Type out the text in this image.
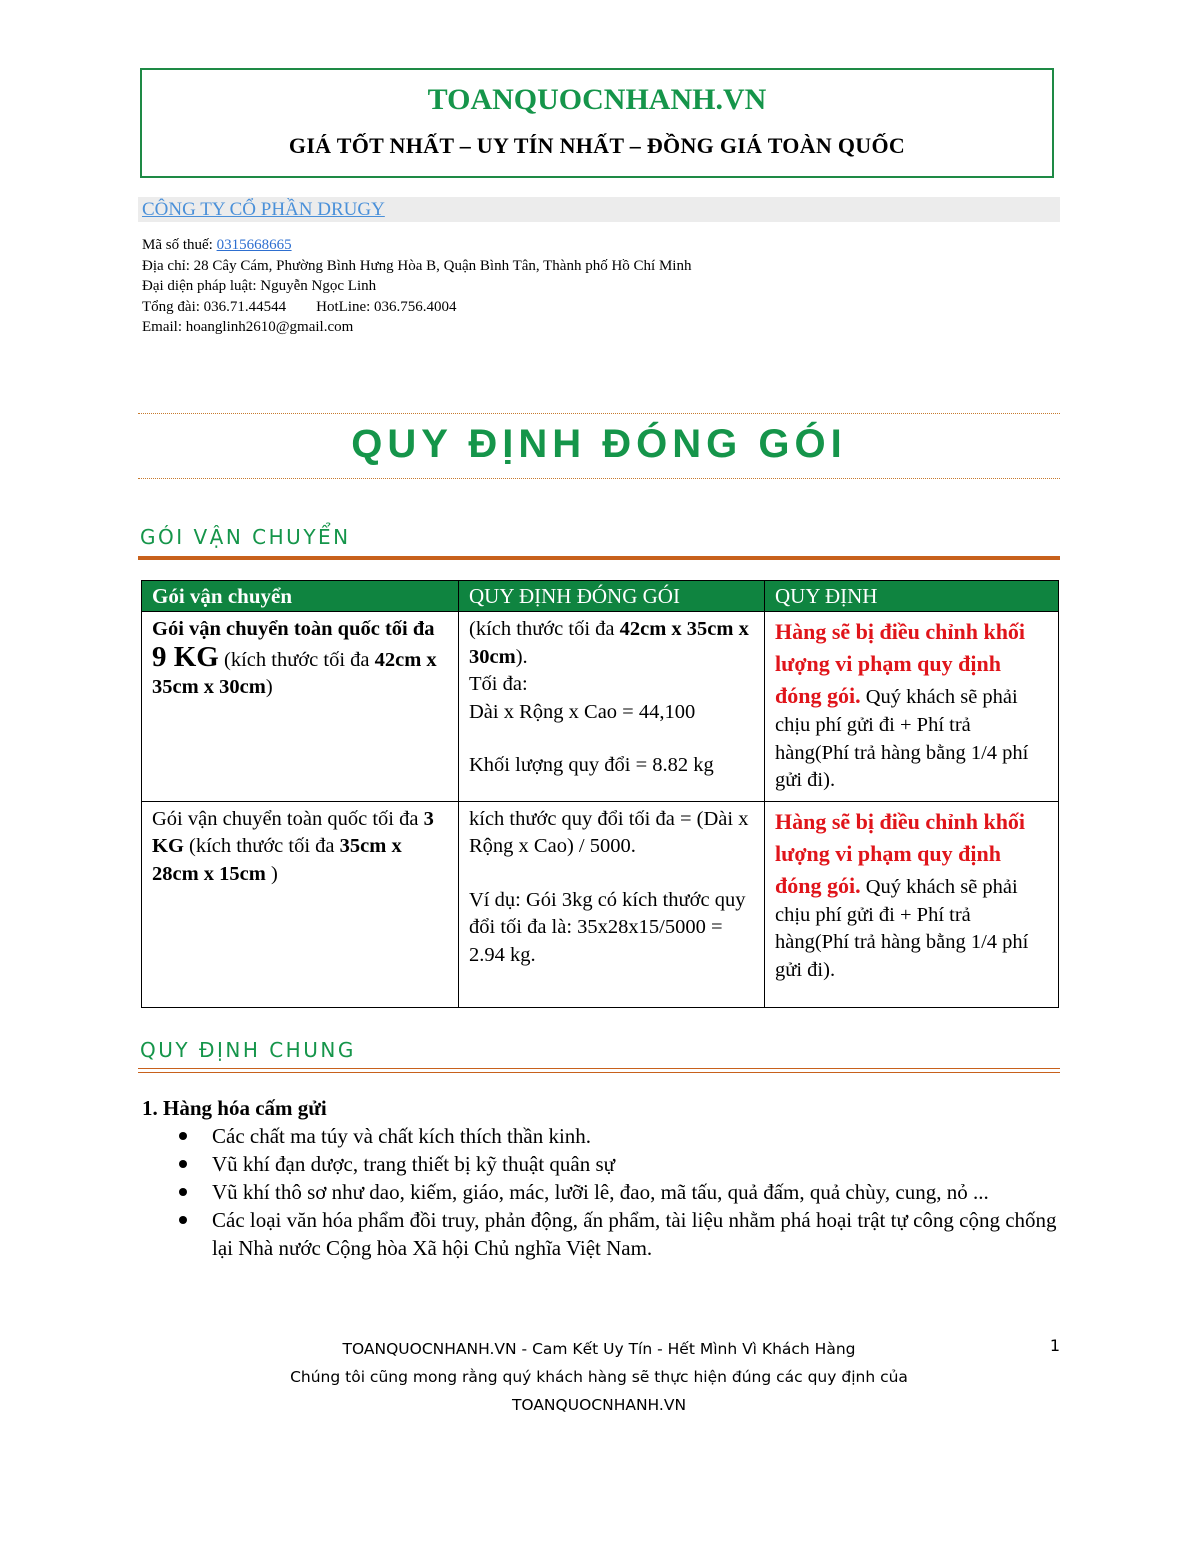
TOANQUOCNHANH.VN
GIÁ TỐT NHẤT – UY TÍN NHẤT – ĐỒNG GIÁ TOÀN QUỐC
CÔNG TY CỔ PHẦN DRUGY
Mã số thuế: 0315668665
Địa chỉ: 28 Cây Cám, Phường Bình Hưng Hòa B, Quận Bình Tân, Thành phố Hồ Chí Minh
Đại diện pháp luật: Nguyễn Ngọc Linh
Tổng đài: 036.71.44544 HotLine: 036.756.4004
Email: hoanglinh2610@gmail.com
QUY ĐỊNH ĐÓNG GÓI
GÓI VẬN CHUYỂN
Gói vận chuyển	QUY ĐỊNH ĐÓNG GÓI	QUY ĐỊNH
Gói vận chuyển toàn quốc tối đa 9 KG (kích thước tối đa 42cm x 35cm x 30cm)	(kích thước tối đa 42cm x 35cm x 30cm).
Tối đa:
Dài x Rộng x Cao = 44,100
Khối lượng quy đổi = 8.82 kg	Hàng sẽ bị điều chỉnh khối lượng vi phạm quy định đóng gói. Quý khách sẽ phải chịu phí gửi đi + Phí trả hàng(Phí trả hàng bằng 1/4 phí gửi đi).
Gói vận chuyển toàn quốc tối đa 3 KG (kích thước tối đa 35cm x 28cm x 15cm )	kích thước quy đổi tối đa = (Dài x Rộng x Cao) / 5000.
Ví dụ: Gói 3kg có kích thước quy đổi tối đa là: 35x28x15/5000 = 2.94 kg.	Hàng sẽ bị điều chỉnh khối lượng vi phạm quy định đóng gói. Quý khách sẽ phải chịu phí gửi đi + Phí trả hàng(Phí trả hàng bằng 1/4 phí gửi đi).
QUY ĐỊNH CHUNG
1. Hàng hóa cấm gửi
Các chất ma túy và chất kích thích thần kinh.
Vũ khí đạn dược, trang thiết bị kỹ thuật quân sự
Vũ khí thô sơ như dao, kiếm, giáo, mác, lưỡi lê, đao, mã tấu, quả đấm, quả chùy, cung, nỏ ...
Các loại văn hóa phẩm đồi truy, phản động, ấn phẩm, tài liệu nhằm phá hoại trật tự công cộng chống lại Nhà nước Cộng hòa Xã hội Chủ nghĩa Việt Nam.
TOANQUOCNHANH.VN - Cam Kết Uy Tín - Hết Mình Vì Khách Hàng
Chúng tôi cũng mong rằng quý khách hàng sẽ thực hiện đúng các quy định của
TOANQUOCNHANH.VN
1
